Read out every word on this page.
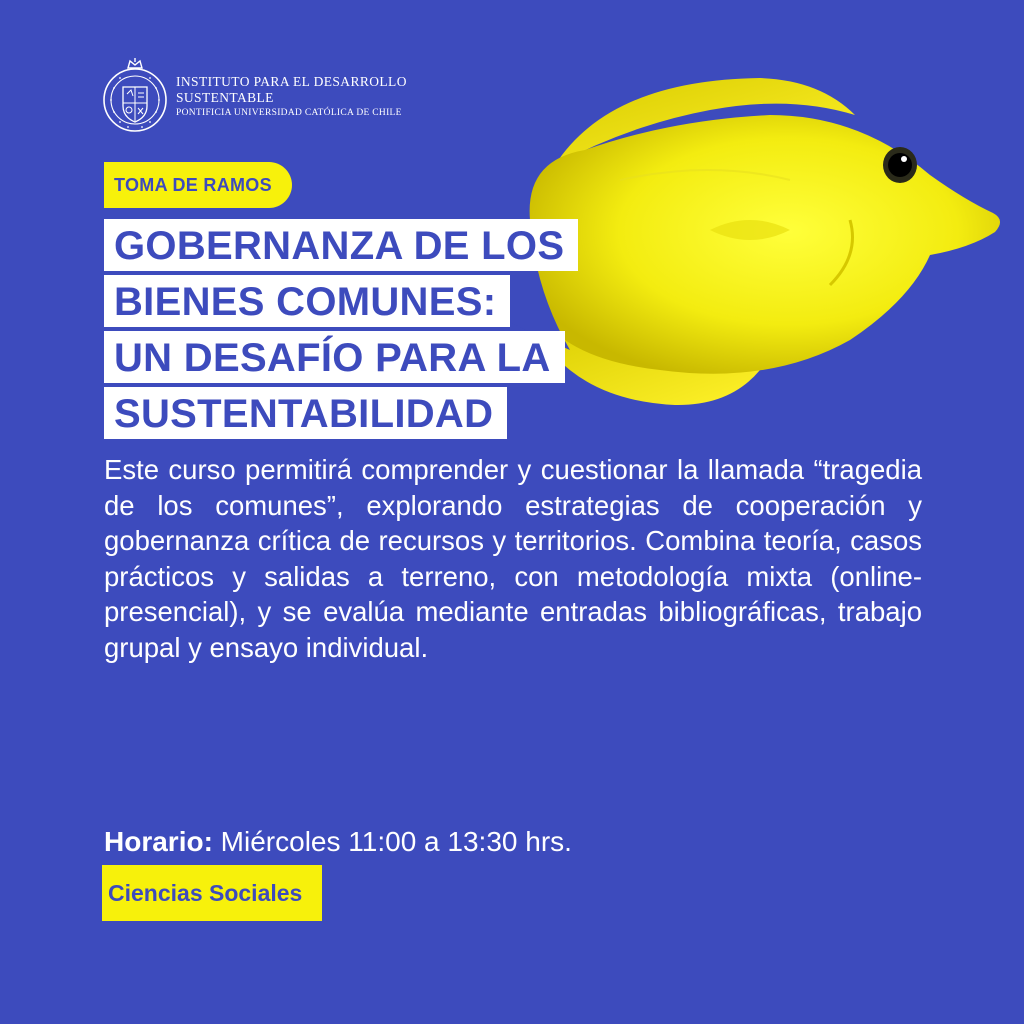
INSTITUTO PARA EL DESARROLLO
SUSTENTABLE
PONTIFICIA UNIVERSIDAD CATÓLICA DE CHILE
TOMA DE RAMOS
GOBERNANZA DE LOS
BIENES COMUNES:
UN DESAFÍO PARA LA
SUSTENTABILIDAD

Este curso permitirá comprender y cuestionar la llamada “tragedia de los comunes”, explorando estrategias de cooperación y gobernanza crítica de recursos y territorios. Combina teoría, casos prácticos y salidas a terreno, con metodología mixta (online-presencial), y se evalúa mediante entradas bibliográficas, trabajo grupal y ensayo individual.

Horario: Miércoles 11:00 a 13:30 hrs.
Ciencias Sociales
